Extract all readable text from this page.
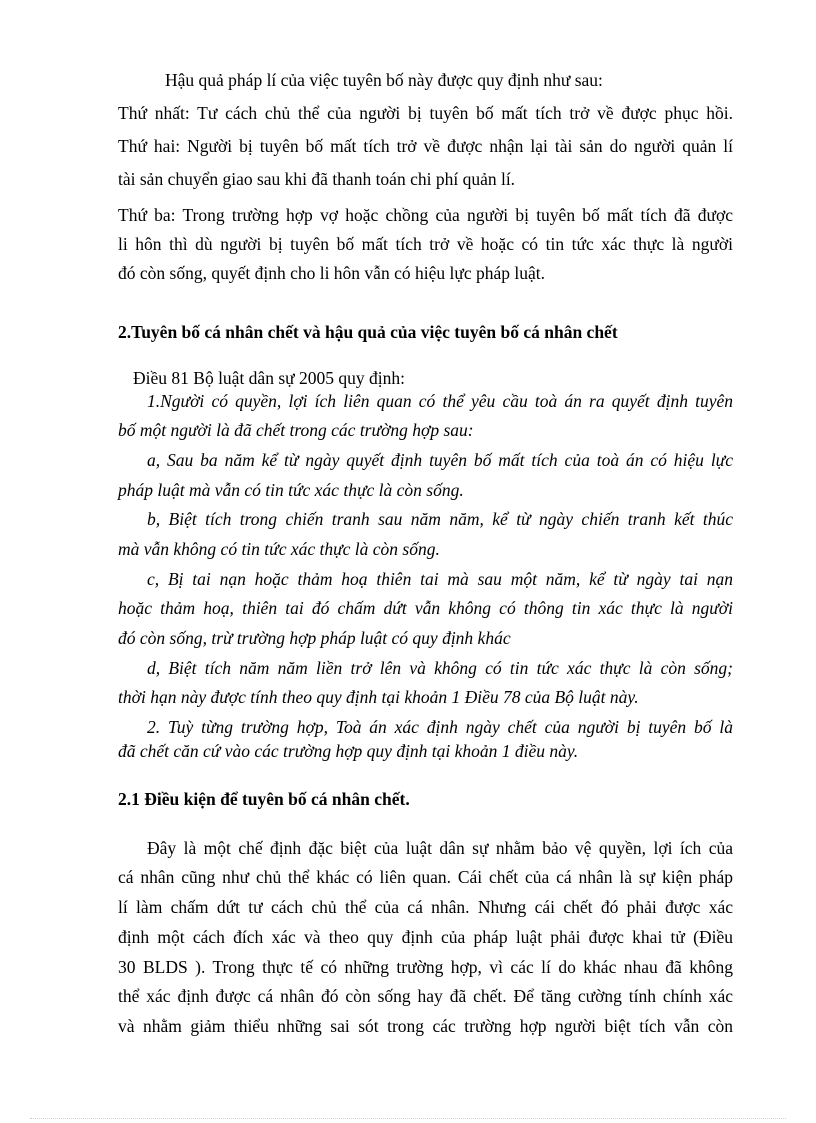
Hậu quả pháp lí của việc tuyên bố này được quy định như sau:
Thứ nhất: Tư cách chủ thể của người bị tuyên bố mất tích trở về được phục hồi.
Thứ hai: Người bị tuyên bố mất tích trở về được nhận lại tài sản do người quản lí
tài sản chuyển giao sau khi đã thanh toán chi phí quản lí.
Thứ ba: Trong trường hợp vợ hoặc chồng của người bị tuyên bố mất tích đã được
li hôn thì dù người bị tuyên bố mất tích trở về hoặc có tin tức xác thực là người
đó còn sống, quyết định cho li hôn vẫn có hiệu lực pháp luật.
2.Tuyên bố cá nhân chết và hậu quả của việc tuyên bố cá nhân chết
Điều 81 Bộ luật dân sự 2005 quy định:
1.Người có quyền, lợi ích liên quan có thể yêu cầu toà án ra quyết định tuyên
bố một người là đã chết trong các trường hợp sau:
a, Sau ba năm kể từ ngày quyết định tuyên bố mất tích của toà án có hiệu lực
pháp luật mà vẫn có tin tức xác thực là còn sống.
b, Biệt tích trong chiến tranh sau năm năm, kể từ ngày chiến tranh kết thúc
mà vẫn không có tin tức xác thực là còn sống.
c, Bị tai nạn hoặc thảm hoạ thiên tai mà sau một năm, kể từ ngày tai nạn
hoặc thảm hoạ, thiên tai đó chấm dứt vẫn không có thông tin xác thực là người
đó còn sống, trừ trường hợp pháp luật có quy định khác
d, Biệt tích năm năm liền trở lên và không có tin tức xác thực là còn sống;
thời hạn này được tính theo quy định tại khoản 1 Điều 78 của Bộ luật này.
2. Tuỳ từng trường hợp, Toà án xác định ngày chết của người bị tuyên bố là
đã chết căn cứ vào các trường hợp quy định tại khoản 1 điều này.
2.1 Điều kiện để tuyên bố cá nhân chết.
Đây là một chế định đặc biệt của luật dân sự nhằm bảo vệ quyền, lợi ích của
cá nhân cũng như chủ thể khác có liên quan. Cái chết của cá nhân là sự kiện pháp
lí làm chấm dứt tư cách chủ thể của cá nhân. Nhưng cái chết đó phải được xác
định một cách đích xác và theo quy định của pháp luật phải được khai tử (Điều
30 BLDS ). Trong thực tế có những trường hợp, vì các lí do khác nhau đã không
thể xác định được cá nhân đó còn sống hay đã chết. Để tăng cường tính chính xác
và nhằm giảm thiểu những sai sót trong các trường hợp người biệt tích vẫn còn
